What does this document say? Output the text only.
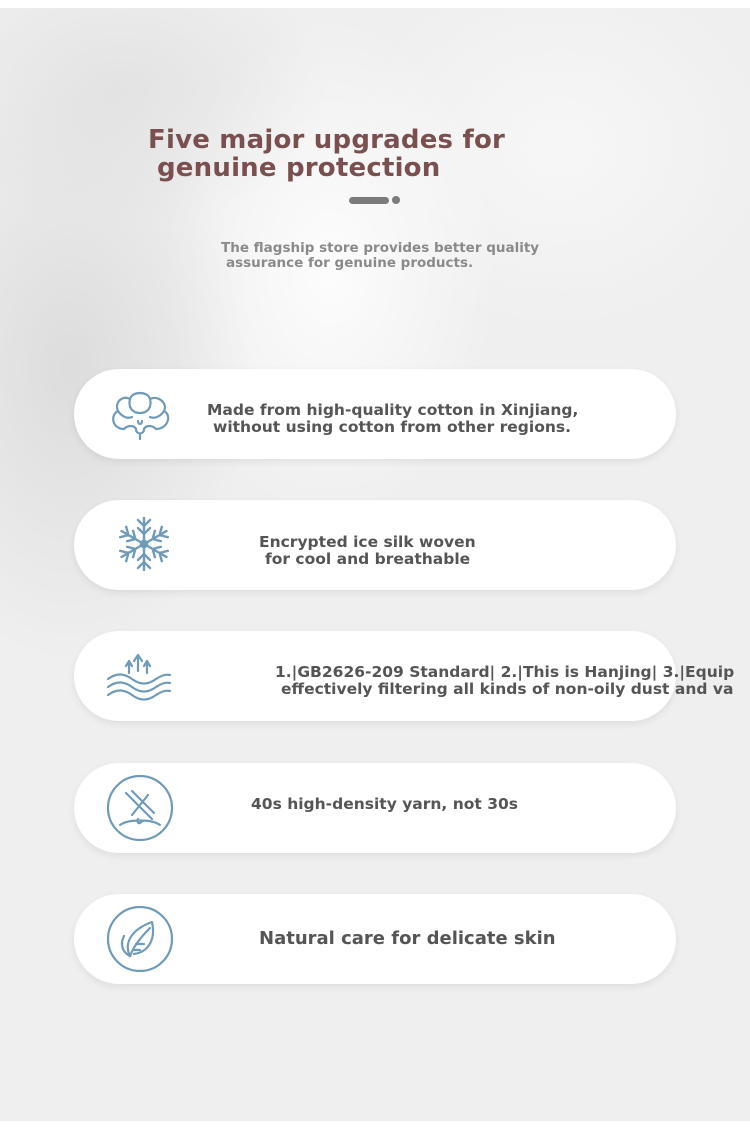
Five major upgrades for
genuine protection

The flagship store provides better quality
assurance for genuine products.

Made from high-quality cotton in Xinjiang,
without using cotton from other regions.

Encrypted ice silk woven
for cool and breathable

40s high-density yarn, not 30s

Natural care for delicate skin

1.|GB2626-209 Standard| 2.|This is Hanjing| 3.|Equip
effectively filtering all kinds of non-oily dust and va
